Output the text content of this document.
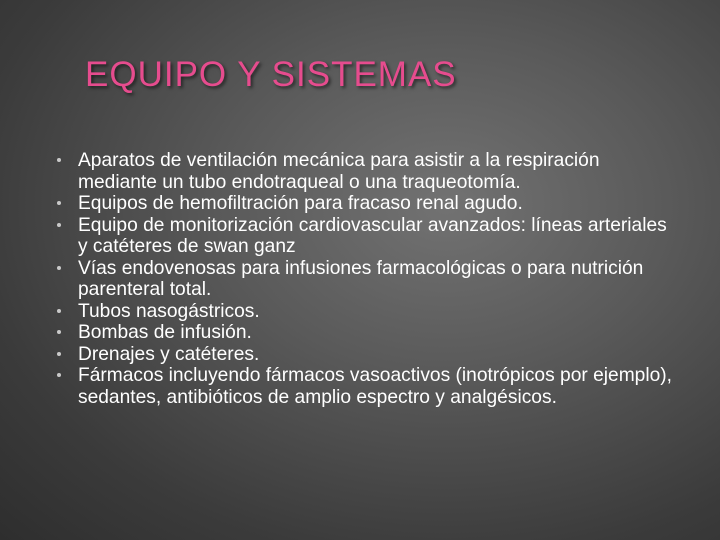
EQUIPO Y SISTEMAS
Aparatos de ventilación mecánica para asistir a la respiración mediante un tubo endotraqueal o una traqueotomía.
Equipos de hemofiltración para fracaso renal agudo.
Equipo de monitorización cardiovascular avanzados: líneas arteriales y catéteres de swan ganz
Vías endovenosas para infusiones farmacológicas o para nutrición parenteral total.
Tubos nasogástricos.
Bombas de infusión.
Drenajes y catéteres.
Fármacos incluyendo fármacos vasoactivos (inotrópicos por ejemplo), sedantes, antibióticos de amplio espectro y analgésicos.
